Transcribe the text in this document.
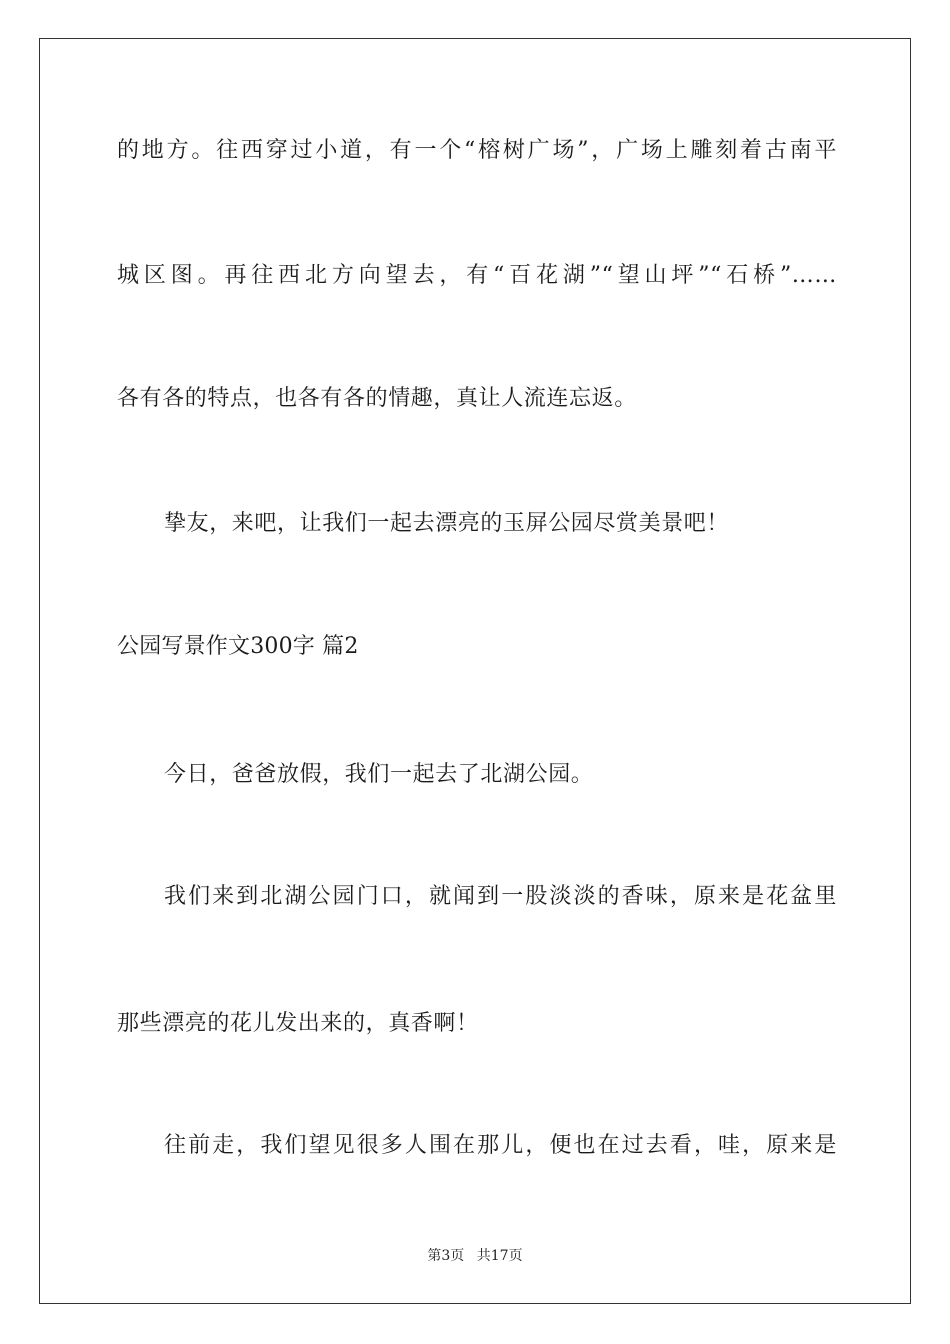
的地方。往西穿过小道，有一个“榕树广场”，广场上雕刻着古南平
城区图。再往西北方向望去，有“百花湖”“望山坪”“石桥”……
各有各的特点，也各有各的情趣，真让人流连忘返。
挚友，来吧，让我们一起去漂亮的玉屏公园尽赏美景吧！
公园写景作文300字 篇2
今日，爸爸放假，我们一起去了北湖公园。
我们来到北湖公园门口，就闻到一股淡淡的香味，原来是花盆里
那些漂亮的花儿发出来的，真香啊！
往前走，我们望见很多人围在那儿，便也在过去看，哇，原来是
第3页 共17页
